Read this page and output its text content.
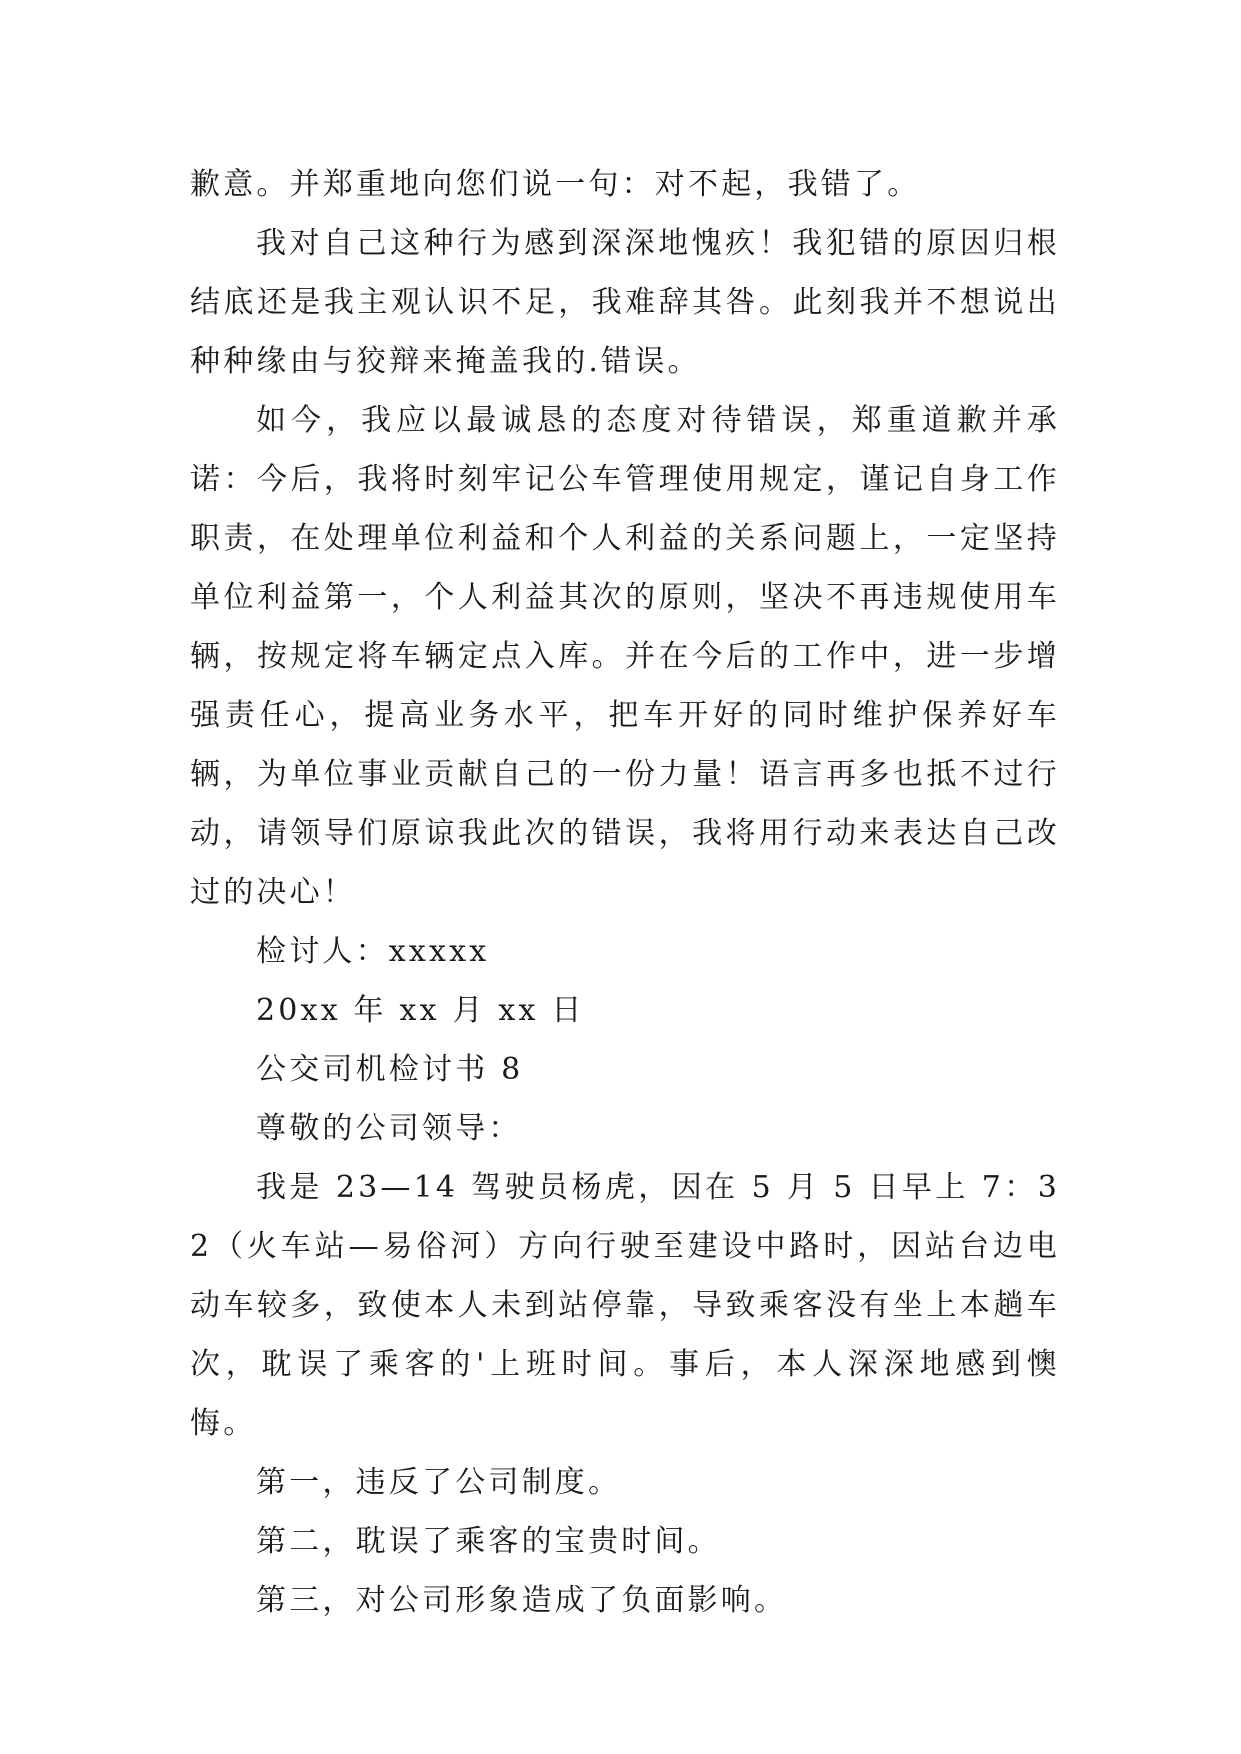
歉意。并郑重地向您们说一句：对不起，我错了。

我对自己这种行为感到深深地愧疚！我犯错的原因归根结底还是我主观认识不足，我难辞其咎。此刻我并不想说出种种缘由与狡辩来掩盖我的.错误。

如今，我应以最诚恳的态度对待错误，郑重道歉并承诺：今后，我将时刻牢记公车管理使用规定，谨记自身工作职责，在处理单位利益和个人利益的关系问题上，一定坚持单位利益第一，个人利益其次的原则，坚决不再违规使用车辆，按规定将车辆定点入库。并在今后的工作中，进一步增强责任心，提高业务水平，把车开好的同时维护保养好车辆，为单位事业贡献自己的一份力量！语言再多也抵不过行动，请领导们原谅我此次的错误，我将用行动来表达自己改过的决心！

检讨人：xxxxx

20xx 年 xx 月 xx 日

公交司机检讨书 8

尊敬的公司领导：

我是 23—14 驾驶员杨虎，因在 5 月 5 日早上 7：32（火车站—易俗河）方向行驶至建设中路时，因站台边电动车较多，致使本人未到站停靠，导致乘客没有坐上本趟车次，耽误了乘客的'上班时间。事后，本人深深地感到懊悔。

第一，违反了公司制度。

第二，耽误了乘客的宝贵时间。

第三，对公司形象造成了负面影响。
